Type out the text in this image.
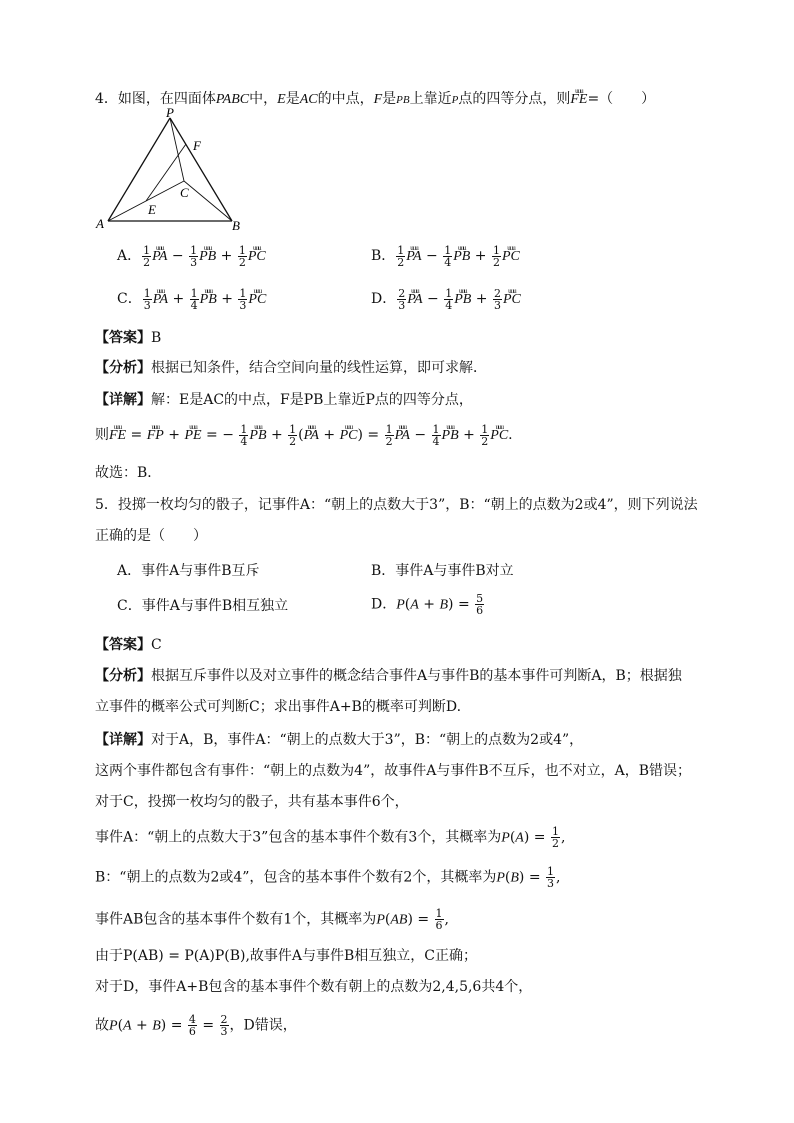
4．如图，在四面体PABC中，E是AC的中点，F是PB上靠近P点的四等分点，则uuu FE=（　　）
P
F
C
E
A	B
A． $\frac{1}{2}$ uuu PA − $\frac{1}{3}$ uuu PB + $\frac{1}{2}$ uuu PC	B． $\frac{1}{2}$ uuu PA − $\frac{1}{4}$ uuu PB + $\frac{1}{2}$ uuu PC
C． $\frac{1}{3}$ uuu PA + $\frac{1}{4}$ uuu PB + $\frac{1}{3}$ uuu PC	D． $\frac{2}{3}$ uuu PA − $\frac{1}{4}$ uuu PB + $\frac{2}{3}$ uuu PC
【答案】B
【分析】根据已知条件，结合空间向量的线性运算，即可求解．
【详解】解：E是AC的中点，F是PB上靠近P点的四等分点，
则uuu FE = uuu FP + uuu PE = − $\frac{1}{4}$ uuu PB + $\frac{1}{2} (uuu$ PA + uuu $PC) = \frac{1}{2}$ uuu PA − $\frac{1}{4}$ uuu PB + $\frac{1}{2}$ uuu PC.
故选：B．
5．投掷一枚均匀的骰子，记事件A：“朝上的点数大于3”，B：“朝上的点数为2或4”，则下列说法
正确的是（　　）
A．事件A与事件B互斥	B．事件A与事件B对立
C．事件A与事件B相互独立	D．$P(A + B) = \frac{5}{6}$
【答案】C
【分析】根据互斥事件以及对立事件的概念结合事件A与事件B的基本事件可判断A，B；根据独
立事件的概率公式可判断C；求出事件A+B的概率可判断D.
【详解】对于A，B，事件A：“朝上的点数大于3”，B：“朝上的点数为2或4”，
这两个事件都包含有事件：“朝上的点数为4”，故事件A与事件B不互斥，也不对立，A，B错误；
对于C，投掷一枚均匀的骰子，共有基本事件6个，
事件A：“朝上的点数大于3”包含的基本事件个数有3个，其概率为$P(A) = \frac{1}{2}$ ,
B：“朝上的点数为2或4”，包含的基本事件个数有2个，其概率为$P(B) = \frac{1}{3}$ ,
事件AB包含的基本事件个数有1个，其概率为$P(AB) = \frac{1}{6}$ ,
由于P(AB) = P(A)P(B),故事件A与事件B相互独立，C正确；
对于D，事件A+B包含的基本事件个数有朝上的点数为2,4,5,6共4个，
故$P(A + B) = \frac{4}{6} = \frac{2}{3}$ ，D错误，
